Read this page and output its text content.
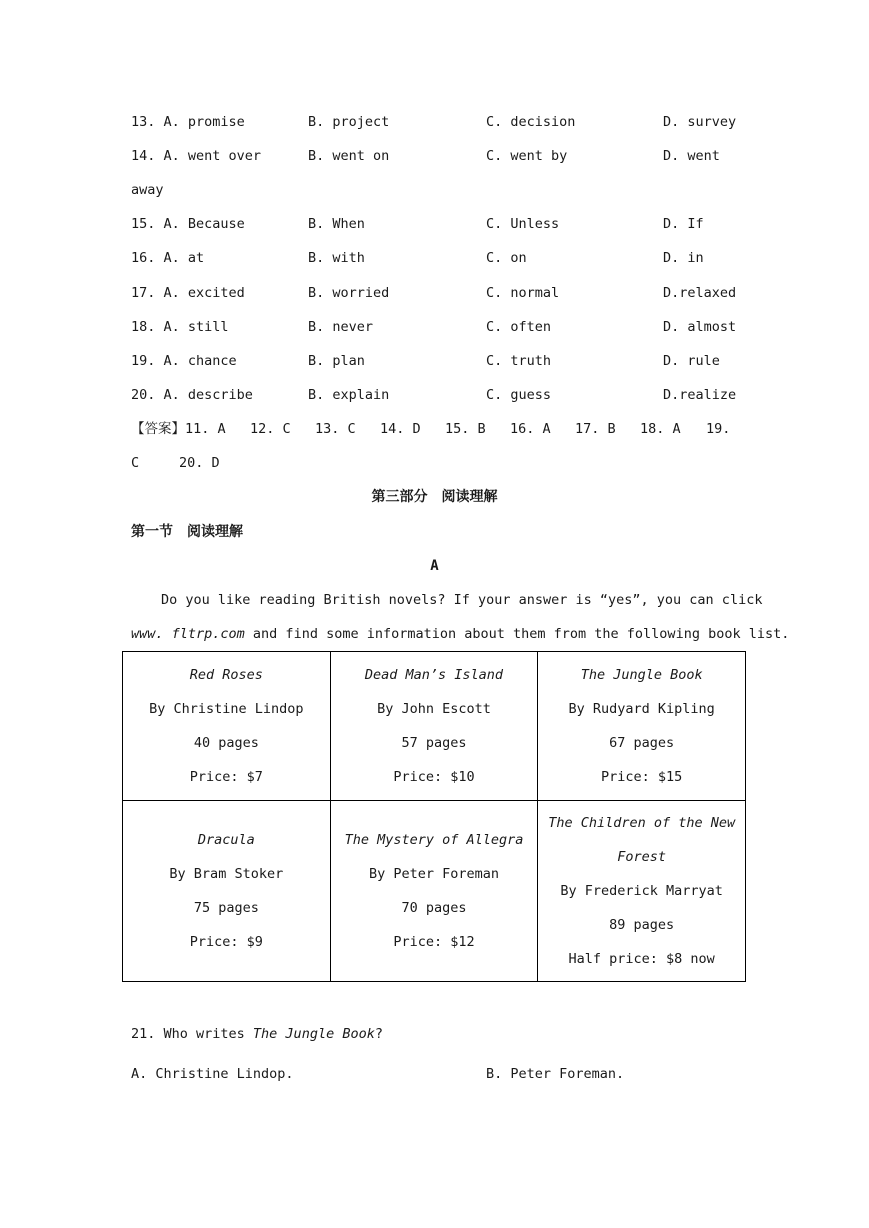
13. A. promise	B. project	C. decision	D. survey
14. A. went over	B. went on	C. went by	D. went
away
15. A. Because	B. When	C. Unless	D. If
16. A. at	B. with	C. on	D. in
17. A. excited	B. worried	C. normal	D.relaxed
18. A. still	B. never	C. often	D. almost
19. A. chance	B. plan	C. truth	D. rule
20. A. describe	B. explain	C. guess	D.realize
【答案】11. A 12. C 13. C 14. D 15. B 16. A 17. B 18. A 19.
C	20. D
第三部分　阅读理解
第一节　阅读理解
A
Do you like reading British novels? If your answer is “yes”, you can click
www. fltrp.com and find some information about them from the following book list.
Red Roses
By Christine Lindop
40 pages
Price: $7	Dead Man’s Island
By John Escott
57 pages
Price: $10	The Jungle Book
By Rudyard Kipling
67 pages
Price: $15

Dracula
By Bram Stoker
75 pages
Price: $9	The Mystery of Allegra
By Peter Foreman
70 pages
Price: $12	The Children of the New
Forest
By Frederick Marryat
89 pages
Half price: $8 now
21. Who writes The Jungle Book?
A. Christine Lindop.	B. Peter Foreman.
